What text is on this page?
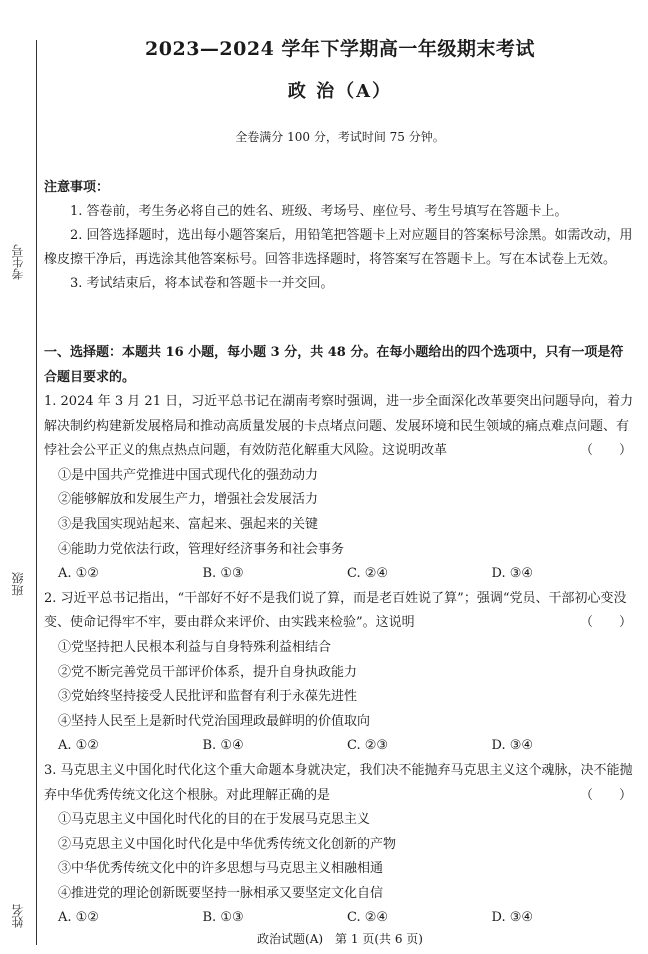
考生号
班级
姓名
2023—2024 学年下学期高一年级期末考试
政 治（A）
全卷满分 100 分，考试时间 75 分钟。
注意事项：

1. 答卷前，考生务必将自己的姓名、班级、考场号、座位号、考生号填写在答题卡上。

2. 回答选择题时，选出每小题答案后，用铅笔把答题卡上对应题目的答案标号涂黑。如需改动，用橡皮擦干净后，再选涂其他答案标号。回答非选择题时，将答案写在答题卡上。写在本试卷上无效。

3. 考试结束后，将本试卷和答题卡一并交回。

一、选择题：本题共 16 小题，每小题 3 分，共 48 分。在每小题给出的四个选项中，只有一项是符合题目要求的。

1. 2024 年 3 月 21 日，习近平总书记在湖南考察时强调，进一步全面深化改革要突出问题导向，着力解决制约构建新发展格局和推动高质量发展的卡点堵点问题、发展环境和民生领域的痛点难点问题、有悖社会公平正义的焦点热点问题，有效防范化解重大风险。这说明改革	（　　）

①是中国共产党推进中国式现代化的强劲动力

②能够解放和发展生产力，增强社会发展活力

③是我国实现站起来、富起来、强起来的关键

④能助力党依法行政，管理好经济事务和社会事务

A. ①②	B. ①③	C. ②④	D. ③④

2. 习近平总书记指出，“干部好不好不是我们说了算，而是老百姓说了算”；强调“党员、干部初心变没变、使命记得牢不牢，要由群众来评价、由实践来检验”。这说明	（　　）

①党坚持把人民根本利益与自身特殊利益相结合

②党不断完善党员干部评价体系，提升自身执政能力

③党始终坚持接受人民批评和监督有利于永葆先进性

④坚持人民至上是新时代党治国理政最鲜明的价值取向

A. ①②	B. ①④	C. ②③	D. ③④

3. 马克思主义中国化时代化这个重大命题本身就决定，我们决不能抛弃马克思主义这个魂脉，决不能抛弃中华优秀传统文化这个根脉。对此理解正确的是	（　　）

①马克思主义中国化时代化的目的在于发展马克思主义

②马克思主义中国化时代化是中华优秀传统文化创新的产物

③中华优秀传统文化中的许多思想与马克思主义相融相通

④推进党的理论创新既要坚持一脉相承又要坚定文化自信

A. ①②	B. ①③	C. ②④	D. ③④
政治试题(A)　第 1 页(共 6 页)
